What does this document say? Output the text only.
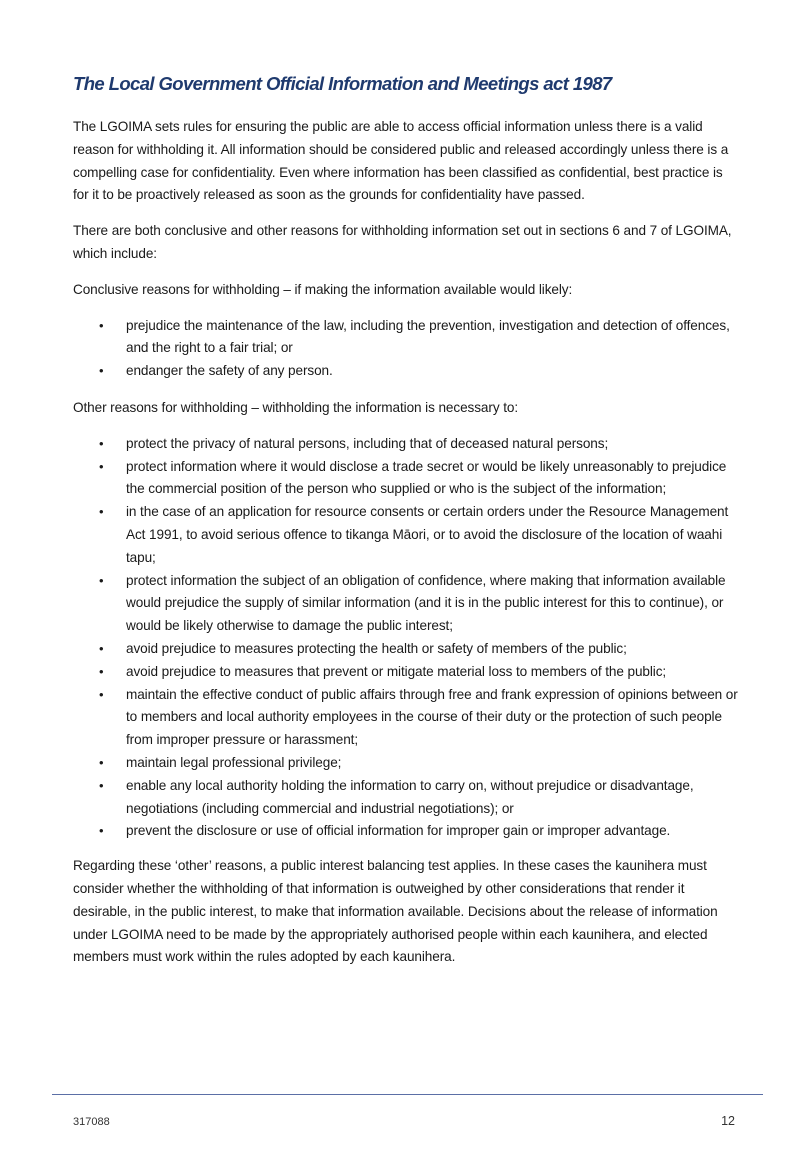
The Local Government Official Information and Meetings act 1987

The LGOIMA sets rules for ensuring the public are able to access official information unless there is a valid reason for withholding it. All information should be considered public and released accordingly unless there is a compelling case for confidentiality. Even where information has been classified as confidential, best practice is for it to be proactively released as soon as the grounds for confidentiality have passed.

There are both conclusive and other reasons for withholding information set out in sections 6 and 7 of LGOIMA, which include:

Conclusive reasons for withholding – if making the information available would likely:

• prejudice the maintenance of the law, including the prevention, investigation and detection of offences, and the right to a fair trial; or
• endanger the safety of any person.

Other reasons for withholding – withholding the information is necessary to:

• protect the privacy of natural persons, including that of deceased natural persons;
• protect information where it would disclose a trade secret or would be likely unreasonably to prejudice the commercial position of the person who supplied or who is the subject of the information;
• in the case of an application for resource consents or certain orders under the Resource Management Act 1991, to avoid serious offence to tikanga Māori, or to avoid the disclosure of the location of waahi tapu;
• protect information the subject of an obligation of confidence, where making that information available would prejudice the supply of similar information (and it is in the public interest for this to continue), or would be likely otherwise to damage the public interest;
• avoid prejudice to measures protecting the health or safety of members of the public;
• avoid prejudice to measures that prevent or mitigate material loss to members of the public;
• maintain the effective conduct of public affairs through free and frank expression of opinions between or to members and local authority employees in the course of their duty or the protection of such people from improper pressure or harassment;
• maintain legal professional privilege;
• enable any local authority holding the information to carry on, without prejudice or disadvantage, negotiations (including commercial and industrial negotiations); or
• prevent the disclosure or use of official information for improper gain or improper advantage.

Regarding these ‘other’ reasons, a public interest balancing test applies. In these cases the kaunihera must consider whether the withholding of that information is outweighed by other considerations that render it desirable, in the public interest, to make that information available. Decisions about the release of information under LGOIMA need to be made by the appropriately authorised people within each kaunihera, and elected members must work within the rules adopted by each kaunihera.

317088	12
